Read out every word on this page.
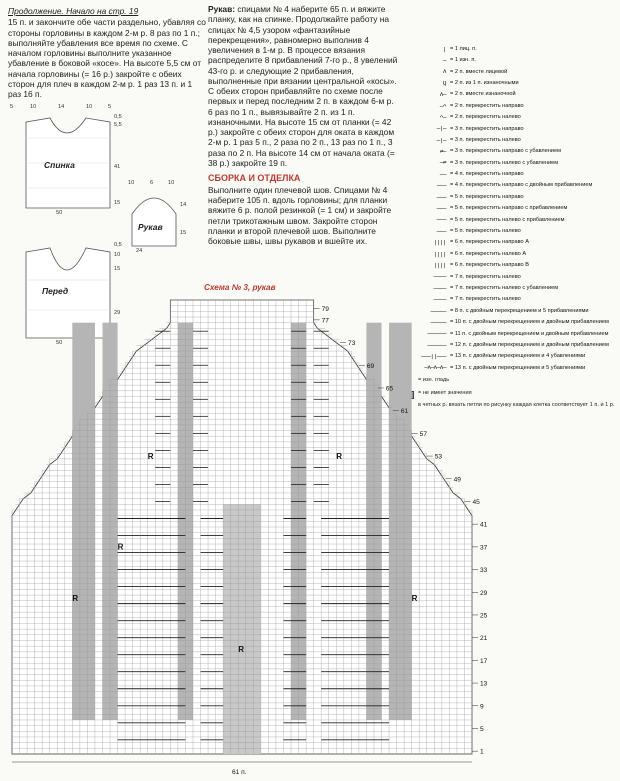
Продолжение. Начало на стр. 19

15 п. и закончите обе части раздельно, убавляя со стороны горловины в каждом 2-м р. 8 раз по 1 п.; выполняйте убавления все время по схеме. С началом горловины выполните указанное убавление в боковой «косе». На высоте 5,5 см от начала горловины (= 16 р.) закройте с обеих сторон для плеч в каждом 2-м р. 1 раз 13 п. и 1 раз 16 п.

Рукав: спицами № 4 наберите 65 п. и вяжите планку, как на спинке. Продолжайте работу на спицах № 4,5 узором «фантазийные перекрещения», равномерно выполнив 4 увеличения в 1-м р. В процессе вязания распределите 8 прибавлений 7-го р., 8 увелений 43-го р. и следующие 2 прибавления, выполненные при вязании центральной «косы». С обеих сторон прибавляйте по схеме после первых и перед последним 2 п. в каждом 6-м р. 6 раз по 1 п., вывязывайте 2 п. из 1 п. изнаночными. На высоте 15 см от планки (= 42 р.) закройте с обеих сторон для оката в каждом 2-м р. 1 раз 5 п., 2 раза по 2 п., 13 раз по 1 п., 3 раза по 2 п. На высоте 14 см от начала оката (= 38 р.) закройте 19 п.

СБОРКА И ОТДЕЛКА

Выполните один плечевой шов. Спицами № 4 наберите 105 п. вдоль горловины; для планки вяжите 6 р. полой резинкой (= 1 см) и закройте петли трикотажным швом. Закройте сторон планки и второй плечевой шов. Выполните боковые швы, швы рукавов и вшейте их.

Спинка
50
5	10	14	10	5
0,5
5,5
41
15
Рукав
24
10	6	10
14
15
Перед
50
0,5
10
15
29
| = 1 лиц. п.
— = 1 изн. п.
ʌ = 2 п. вместе лицевой
Q = 2 п. из 1 п. изнаночными
ʌ— = 2 п. вместе изнаночной
—ᴖ = 2 п. перекрестить направо
ᴖ— = 2 п. перекрестить налево
—|— = 3 п. перекрестить направо
—|— = 3 п. перекрестить налево
⇌— = 3 п. перекрестить направо с убавлением
—⇌ = 3 п. перекрестить налево с убавлением
—— = 4 п. перекрестить направо
——— = 4 п. перекрестить направо с двойным прибавлением
——— = 5 п. перекрестить направо
——— = 5 п. перекрестить направо с прибавлением
——— = 5 п. перекрестить налево с прибавлением
——— = 5 п. перекрестить налево
|||| = 6 п. перекрестить направо А
|||| = 6 п. перекрестить налево А
|||| = 6 п. перекрестить направо В
———— = 7 п. перекрестить налево
———— = 7 п. перекрестить налево с убавлением
———— = 7 п. перекрестить налево
————— = 8 п. с двойным перекрещением и 5 прибавлениями
————— = 10 п. с двойным перекрещением и двойным прибавлением
—————— = 11 п. с двойным перекрещением и двойным прибавлением
—————— = 12 п. с двойным перекрещением и двойным прибавлением
———||——— = 13 п. с двойным перекрещением и 4 убавлениями
—ʌ—ʌ—ʌ— = 13 п. с двойным перекрещением и 5 убавлениями
= изн. гладь
= не имеет значения
в четных р. вязать петли по рисунку каждая клетка соответствует 1 п. и 1 р.
Схема № 3, рукав
R	R
R	R
R
R
79
77
73
69
65
61
57
53
49
45
41
37
33
29
25
21
17
13
9
5
1
61 п.
